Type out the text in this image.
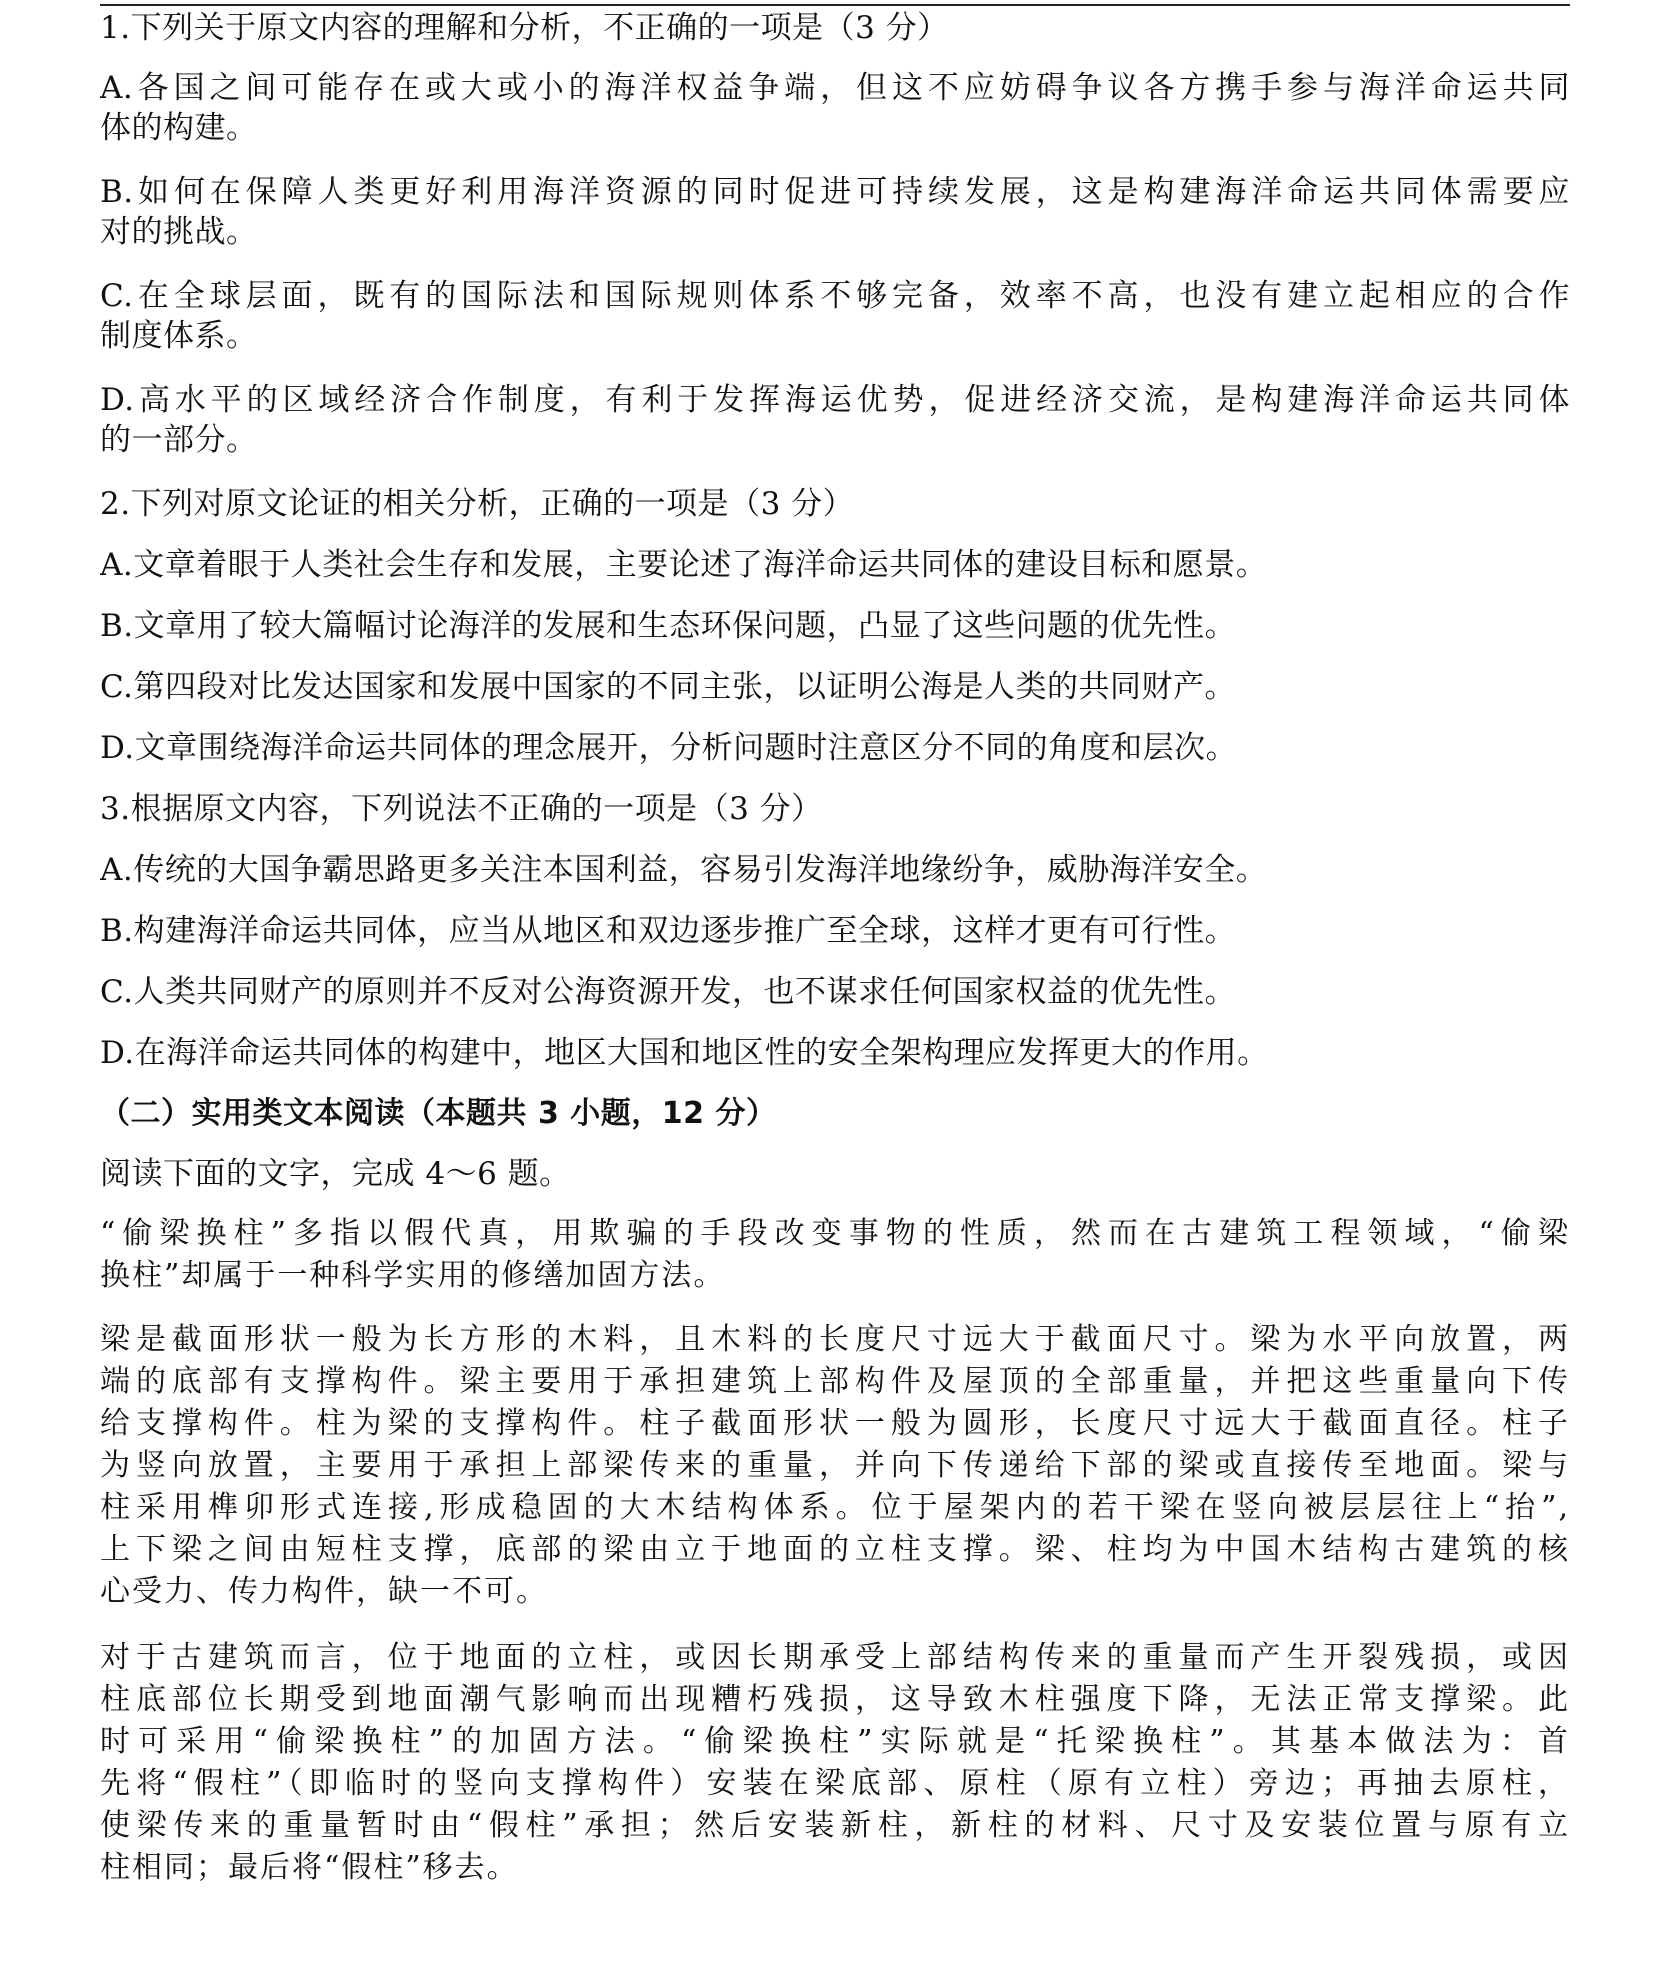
1.下列关于原文内容的理解和分析，不正确的一项是（3 分）
A.各国之间可能存在或大或小的海洋权益争端，但这不应妨碍争议各方携手参与海洋命运共同
体的构建。
B.如何在保障人类更好利用海洋资源的同时促进可持续发展，这是构建海洋命运共同体需要应
对的挑战。
C.在全球层面，既有的国际法和国际规则体系不够完备，效率不高，也没有建立起相应的合作
制度体系。
D.高水平的区域经济合作制度，有利于发挥海运优势，促进经济交流，是构建海洋命运共同体
的一部分。
2.下列对原文论证的相关分析，正确的一项是（3 分）
A.文章着眼于人类社会生存和发展，主要论述了海洋命运共同体的建设目标和愿景。
B.文章用了较大篇幅讨论海洋的发展和生态环保问题，凸显了这些问题的优先性。
C.第四段对比发达国家和发展中国家的不同主张，以证明公海是人类的共同财产。
D.文章围绕海洋命运共同体的理念展开，分析问题时注意区分不同的角度和层次。
3.根据原文内容，下列说法不正确的一项是（3 分）
A.传统的大国争霸思路更多关注本国利益，容易引发海洋地缘纷争，威胁海洋安全。
B.构建海洋命运共同体，应当从地区和双边逐步推广至全球，这样才更有可行性。
C.人类共同财产的原则并不反对公海资源开发，也不谋求任何国家权益的优先性。
D.在海洋命运共同体的构建中，地区大国和地区性的安全架构理应发挥更大的作用。
（二）实用类文本阅读（本题共 3 小题，12 分）
阅读下面的文字，完成 4～6 题。
“偷梁换柱”多指以假代真，用欺骗的手段改变事物的性质，然而在古建筑工程领域，“偷梁
换柱”却属于一种科学实用的修缮加固方法。
梁是截面形状一般为长方形的木料，且木料的长度尺寸远大于截面尺寸。梁为水平向放置，两
端的底部有支撑构件。梁主要用于承担建筑上部构件及屋顶的全部重量，并把这些重量向下传
给支撑构件。柱为梁的支撑构件。柱子截面形状一般为圆形，长度尺寸远大于截面直径。柱子
为竖向放置，主要用于承担上部梁传来的重量，并向下传递给下部的梁或直接传至地面。梁与
柱采用榫卯形式连接,形成稳固的大木结构体系。位于屋架内的若干梁在竖向被层层往上“抬”,
上下梁之间由短柱支撑，底部的梁由立于地面的立柱支撑。梁、柱均为中国木结构古建筑的核
心受力、传力构件，缺一不可。
对于古建筑而言，位于地面的立柱，或因长期承受上部结构传来的重量而产生开裂残损，或因
柱底部位长期受到地面潮气影响而出现糟朽残损，这导致木柱强度下降，无法正常支撑梁。此
时可采用“偷梁换柱”的加固方法。“偷梁换柱”实际就是“托梁换柱”。其基本做法为：首
先将“假柱”（即临时的竖向支撑构件）安装在梁底部、原柱（原有立柱）旁边；再抽去原柱，
使梁传来的重量暂时由“假柱”承担；然后安装新柱，新柱的材料、尺寸及安装位置与原有立
柱相同；最后将“假柱”移去。
